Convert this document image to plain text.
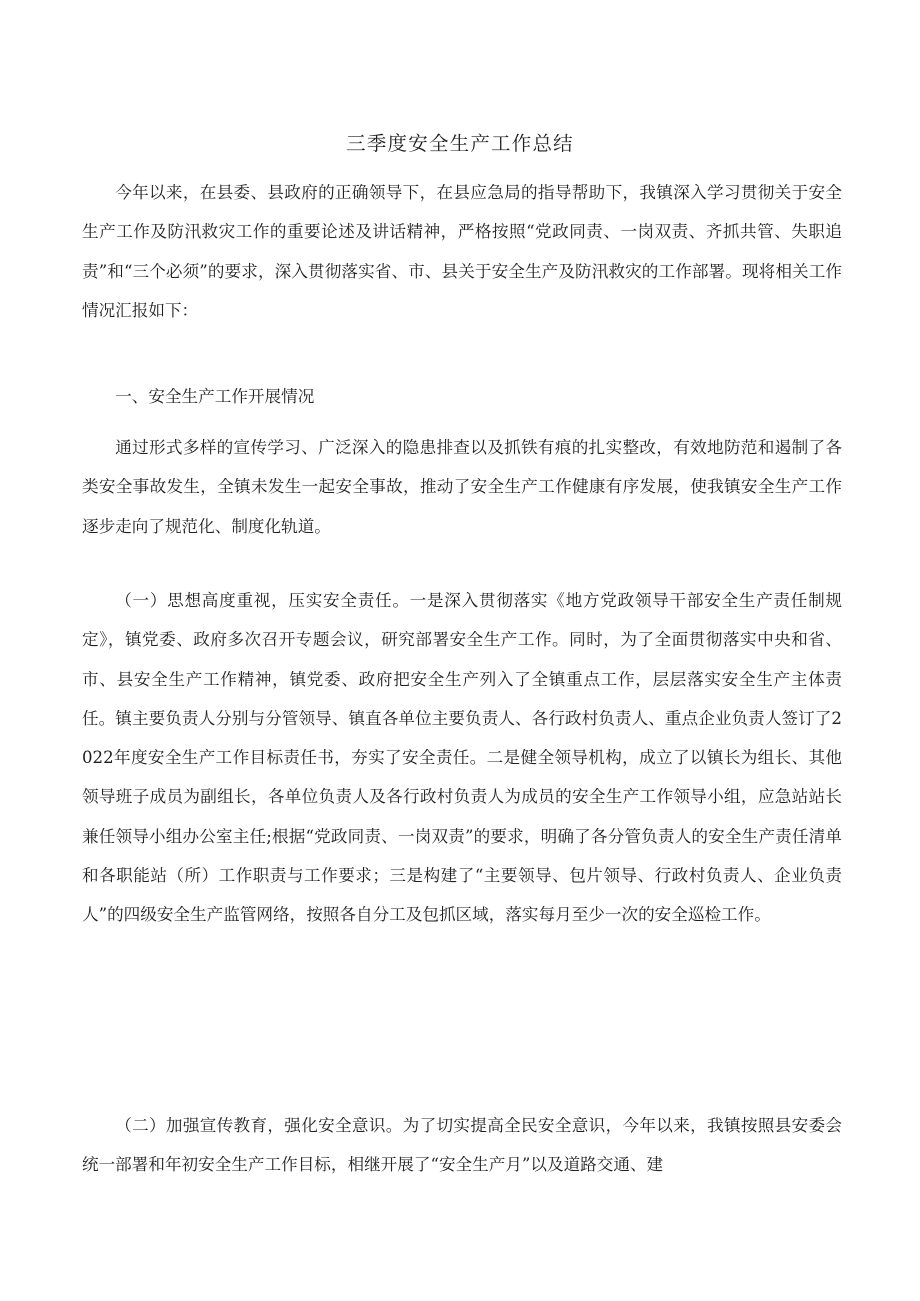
三季度安全生产工作总结
今年以来，在县委、县政府的正确领导下，在县应急局的指导帮助下，我镇深入学习贯彻关于安全生产工作及防汛救灾工作的重要论述及讲话精神，严格按照“党政同责、一岗双责、齐抓共管、失职追责”和“三个必须”的要求，深入贯彻落实省、市、县关于安全生产及防汛救灾的工作部署。现将相关工作情况汇报如下：
一、安全生产工作开展情况
通过形式多样的宣传学习、广泛深入的隐患排查以及抓铁有痕的扎实整改，有效地防范和遏制了各类安全事故发生，全镇未发生一起安全事故，推动了安全生产工作健康有序发展，使我镇安全生产工作逐步走向了规范化、制度化轨道。
（一）思想高度重视，压实安全责任。一是深入贯彻落实《地方党政领导干部安全生产责任制规定》，镇党委、政府多次召开专题会议，研究部署安全生产工作。同时，为了全面贯彻落实中央和省、市、县安全生产工作精神，镇党委、政府把安全生产列入了全镇重点工作，层层落实安全生产主体责任。镇主要负责人分别与分管领导、镇直各单位主要负责人、各行政村负责人、重点企业负责人签订了2022年度安全生产工作目标责任书，夯实了安全责任。二是健全领导机构，成立了以镇长为组长、其他领导班子成员为副组长，各单位负责人及各行政村负责人为成员的安全生产工作领导小组，应急站站长兼任领导小组办公室主任;根据“党政同责、一岗双责”的要求，明确了各分管负责人的安全生产责任清单和各职能站（所）工作职责与工作要求；三是构建了“主要领导、包片领导、行政村负责人、企业负责人”的四级安全生产监管网络，按照各自分工及包抓区域，落实每月至少一次的安全巡检工作。
（二）加强宣传教育，强化安全意识。为了切实提高全民安全意识，今年以来，我镇按照县安委会统一部署和年初安全生产工作目标，相继开展了“安全生产月”以及道路交通、建
